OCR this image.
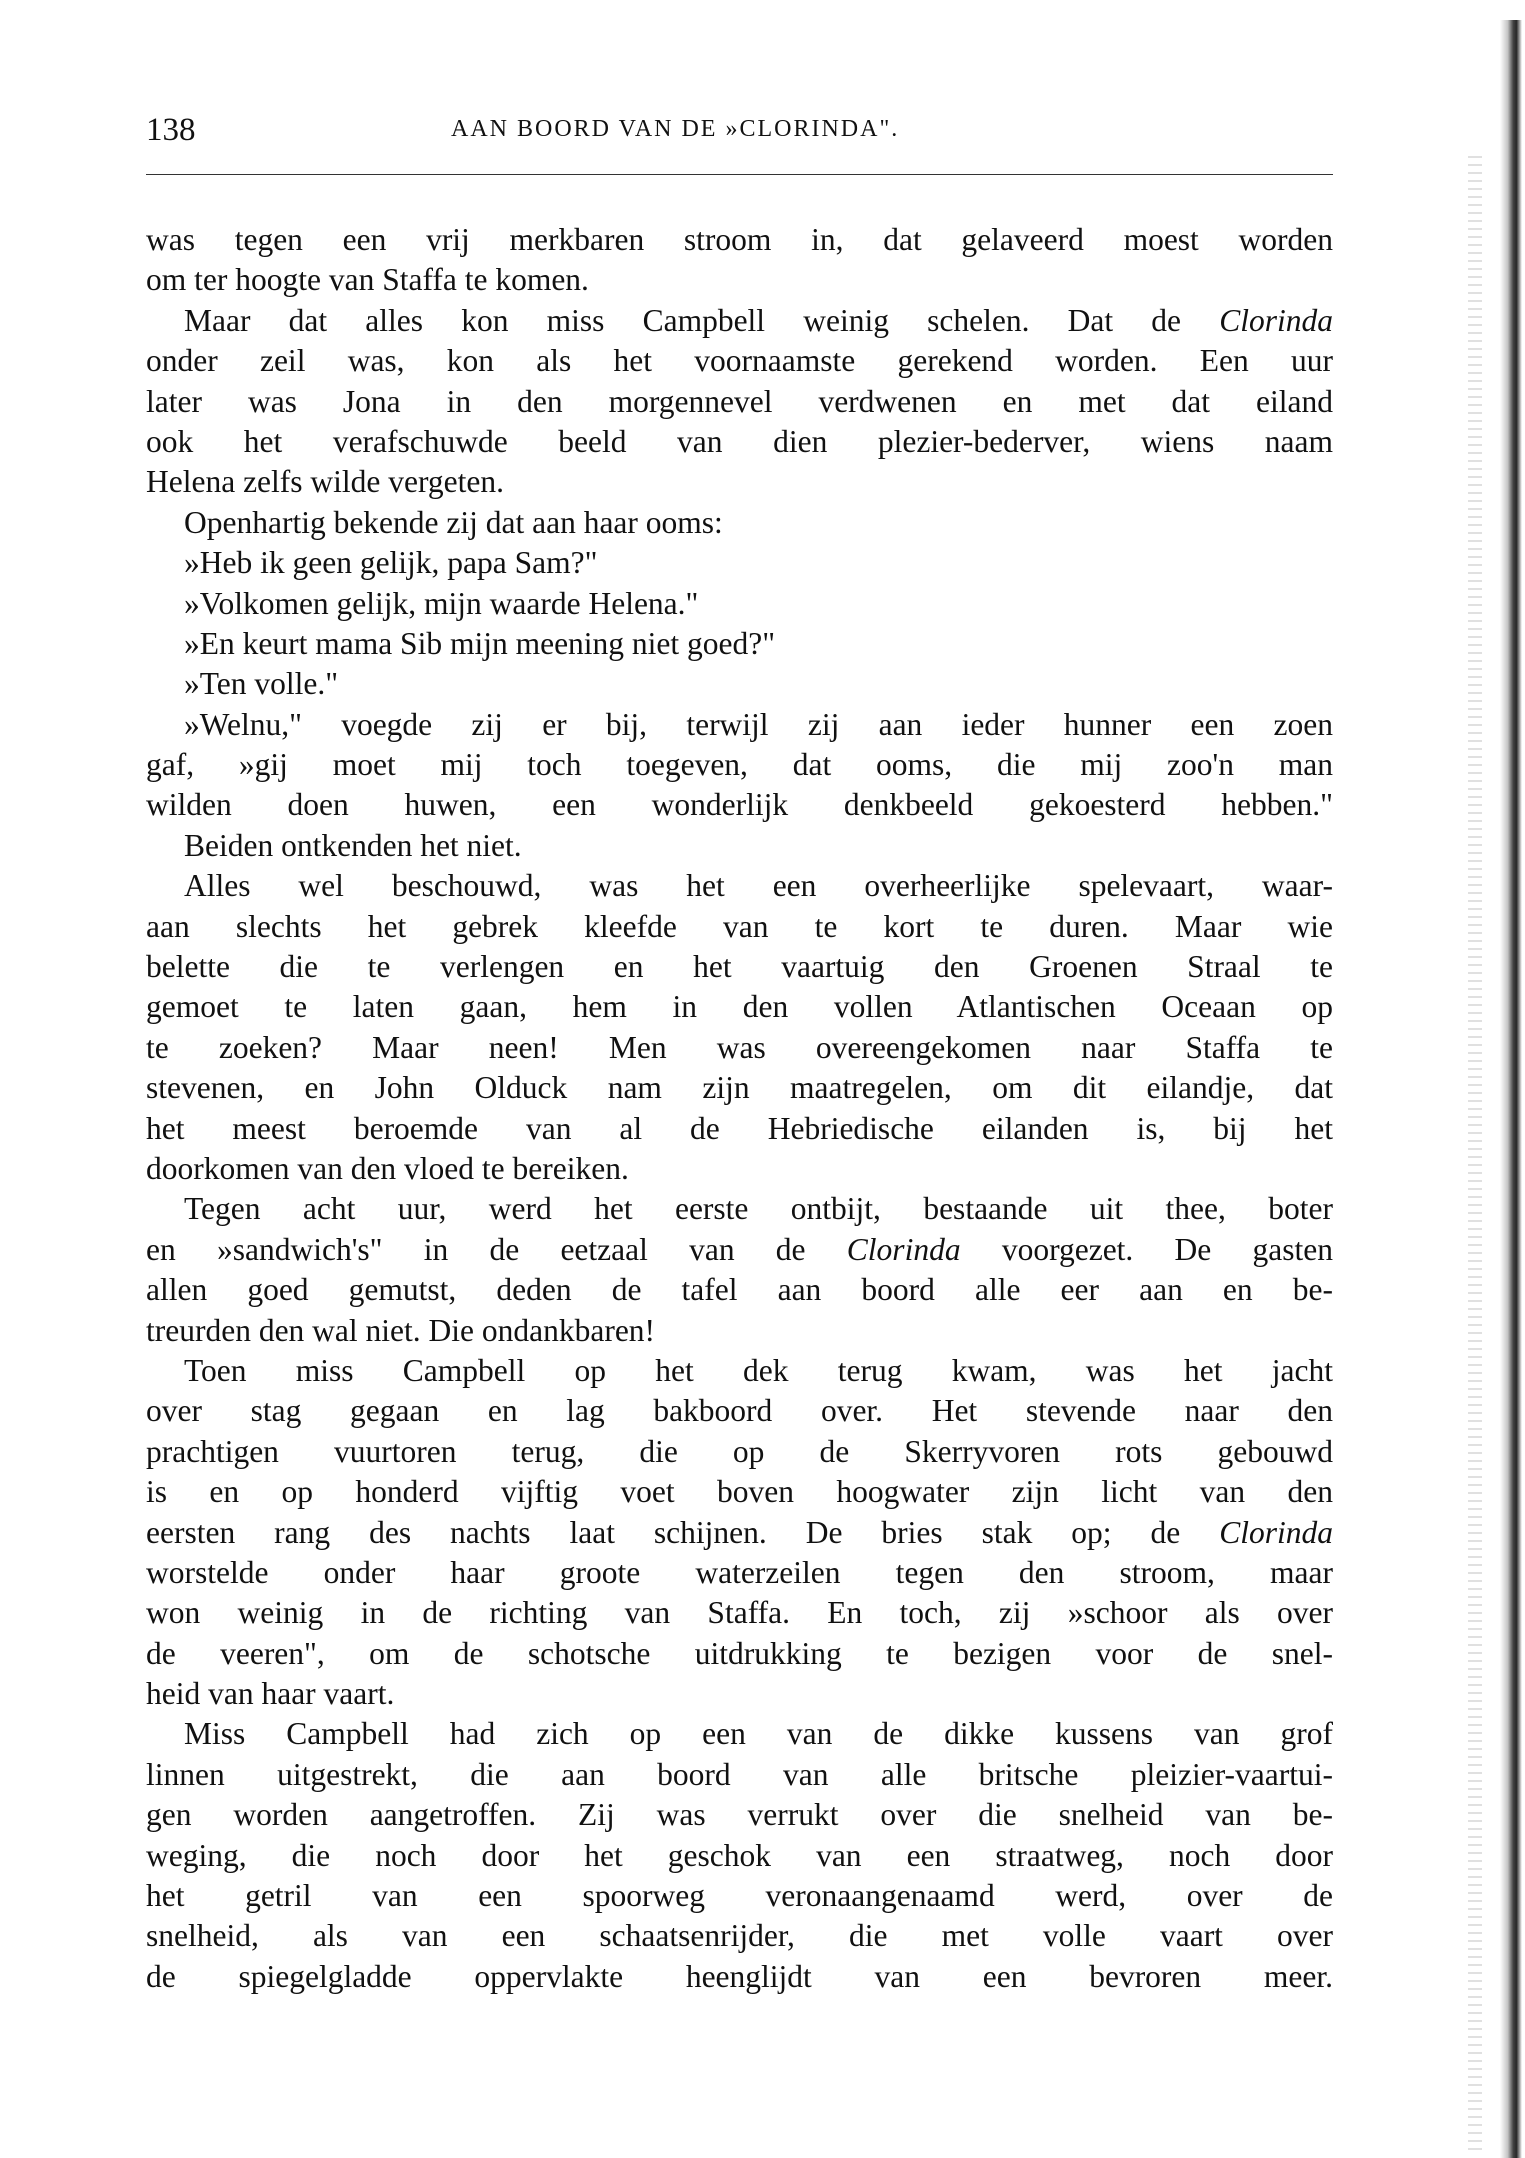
138	AAN BOORD VAN DE »CLORINDA".
was tegen een vrij merkbaren stroom in, dat gelaveerd moest worden
om ter hoogte van Staffa te komen.
Maar dat alles kon miss Campbell weinig schelen. Dat de Clorinda
onder zeil was, kon als het voornaamste gerekend worden. Een uur
later was Jona in den morgennevel verdwenen en met dat eiland
ook het verafschuwde beeld van dien plezier-bederver, wiens naam
Helena zelfs wilde vergeten.
Openhartig bekende zij dat aan haar ooms:
»Heb ik geen gelijk, papa Sam?"
»Volkomen gelijk, mijn waarde Helena."
»En keurt mama Sib mijn meening niet goed?"
»Ten volle."
»Welnu," voegde zij er bij, terwijl zij aan ieder hunner een zoen
gaf, »gij moet mij toch toegeven, dat ooms, die mij zoo'n man
wilden doen huwen, een wonderlijk denkbeeld gekoesterd hebben."
Beiden ontkenden het niet.
Alles wel beschouwd, was het een overheerlijke spelevaart, waar-
aan slechts het gebrek kleefde van te kort te duren. Maar wie
belette die te verlengen en het vaartuig den Groenen Straal te
gemoet te laten gaan, hem in den vollen Atlantischen Oceaan op
te zoeken? Maar neen! Men was overeengekomen naar Staffa te
stevenen, en John Olduck nam zijn maatregelen, om dit eilandje, dat
het meest beroemde van al de Hebriedische eilanden is, bij het
doorkomen van den vloed te bereiken.
Tegen acht uur, werd het eerste ontbijt, bestaande uit thee, boter
en »sandwich's" in de eetzaal van de Clorinda voorgezet. De gasten
allen goed gemutst, deden de tafel aan boord alle eer aan en be-
treurden den wal niet. Die ondankbaren!
Toen miss Campbell op het dek terug kwam, was het jacht
over stag gegaan en lag bakboord over. Het stevende naar den
prachtigen vuurtoren terug, die op de Skerryvoren rots gebouwd
is en op honderd vijftig voet boven hoogwater zijn licht van den
eersten rang des nachts laat schijnen. De bries stak op; de Clorinda
worstelde onder haar groote waterzeilen tegen den stroom, maar
won weinig in de richting van Staffa. En toch, zij »schoor als over
de veeren", om de schotsche uitdrukking te bezigen voor de snel-
heid van haar vaart.
Miss Campbell had zich op een van de dikke kussens van grof
linnen uitgestrekt, die aan boord van alle britsche pleizier-vaartui-
gen worden aangetroffen. Zij was verrukt over die snelheid van be-
weging, die noch door het geschok van een straatweg, noch door
het getril van een spoorweg veronaangenaamd werd, over de
snelheid, als van een schaatsenrijder, die met volle vaart over
de spiegelgladde oppervlakte heenglijdt van een bevroren meer.
